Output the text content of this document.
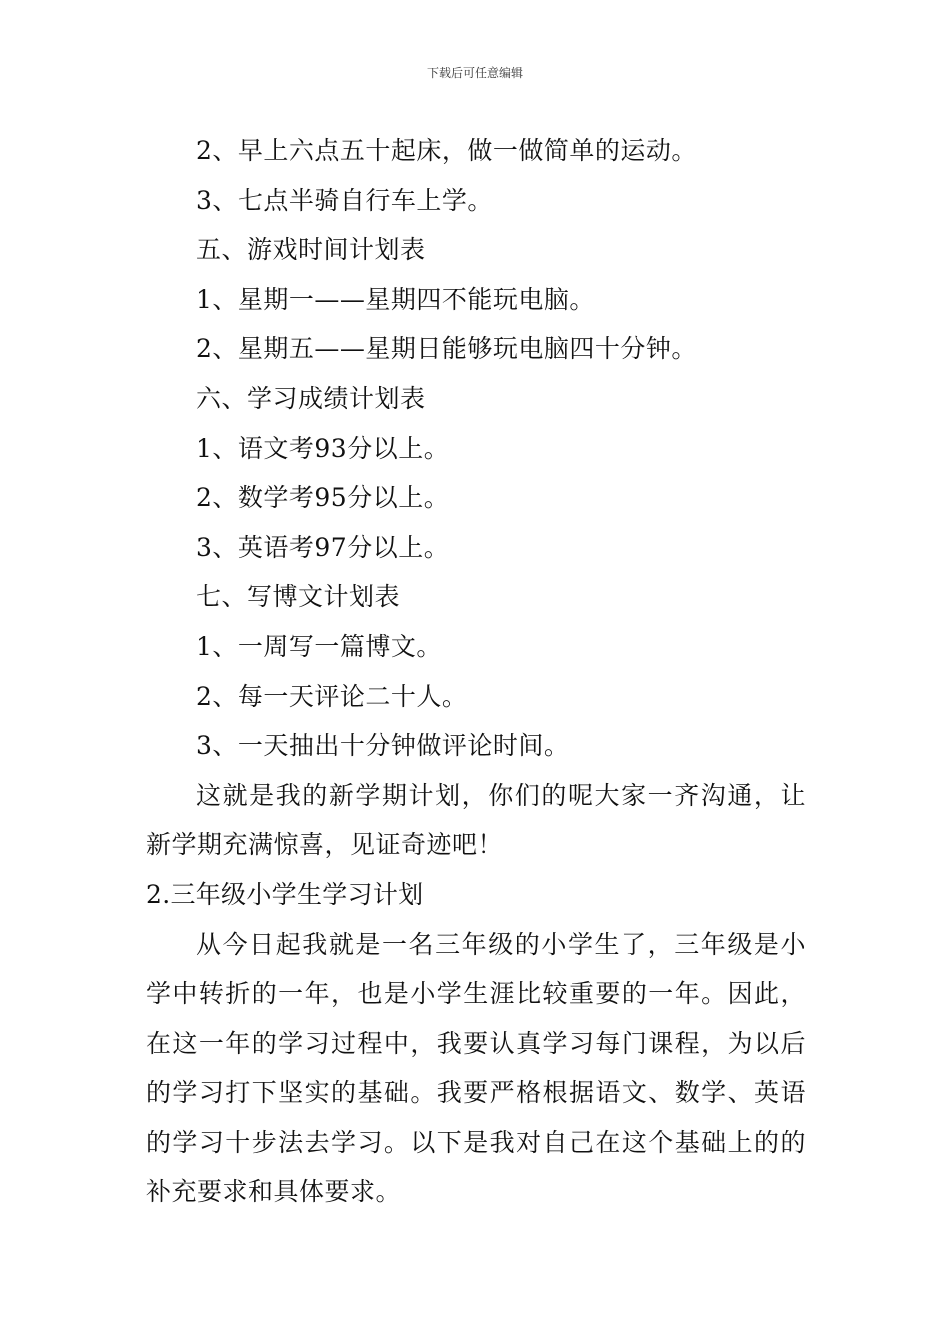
下载后可任意编辑
2、早上六点五十起床，做一做简单的运动。
3、七点半骑自行车上学。
五、游戏时间计划表
1、星期一——星期四不能玩电脑。
2、星期五——星期日能够玩电脑四十分钟。
六、学习成绩计划表
1、语文考93分以上。
2、数学考95分以上。
3、英语考97分以上。
七、写博文计划表
1、一周写一篇博文。
2、每一天评论二十人。
3、一天抽出十分钟做评论时间。
这就是我的新学期计划，你们的呢大家一齐沟通，让新学期充满惊喜，见证奇迹吧！
2.三年级小学生学习计划
从今日起我就是一名三年级的小学生了，三年级是小学中转折的一年，也是小学生涯比较重要的一年。因此，在这一年的学习过程中，我要认真学习每门课程，为以后的学习打下坚实的基础。我要严格根据语文、数学、英语的学习十步法去学习。以下是我对自己在这个基础上的的补充要求和具体要求。
